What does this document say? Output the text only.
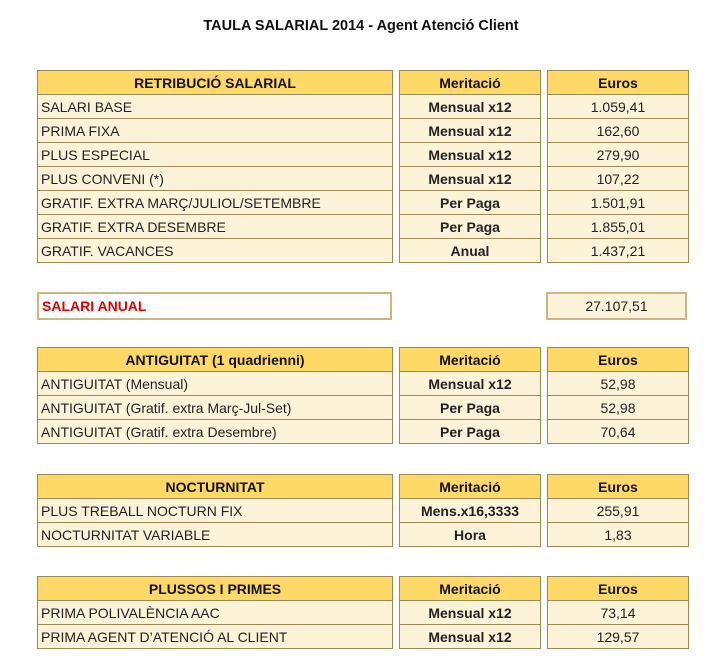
TAULA SALARIAL 2014 - Agent Atenció Client
RETRIBUCIÓ SALARIAL		Meritació		Euros
SALARI BASE		Mensual x12		1.059,41
PRIMA FIXA		Mensual x12		162,60
PLUS ESPECIAL		Mensual x12		279,90
PLUS CONVENI (*)		Mensual x12		107,22
GRATIF. EXTRA MARÇ/JULIOL/SETEMBRE		Per Paga		1.501,91
GRATIF. EXTRA DESEMBRE		Per Paga		1.855,01
GRATIF. VACANCES		Anual		1.437,21
ANTIGUITAT (1 quadrienni)		Meritació		Euros
ANTIGUITAT (Mensual)		Mensual x12		52,98
ANTIGUITAT (Gratif. extra Març-Jul-Set)		Per Paga		52,98
ANTIGUITAT (Gratif. extra Desembre)		Per Paga		70,64
NOCTURNITAT		Meritació		Euros
PLUS TREBALL NOCTURN FIX		Mens.x16,3333		255,91
NOCTURNITAT VARIABLE		Hora		1,83
PLUSSOS I PRIMES		Meritació		Euros
PRIMA POLIVALÈNCIA AAC		Mensual x12		73,14
PRIMA AGENT D’ATENCIÓ AL CLIENT		Mensual x12		129,57
SALARI ANUAL	27.107,51
